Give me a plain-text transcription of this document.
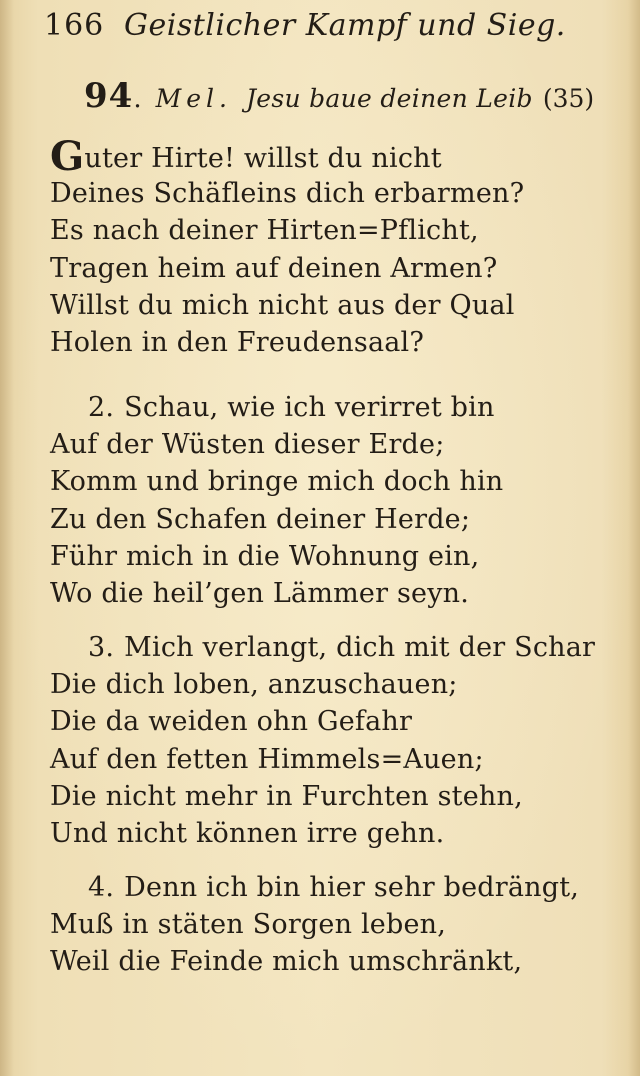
166 Geistlicher Kampf und Sieg.
94. Mel. Jesu baue deinen Leib (35)
Guter Hirte! willst du nicht
Deines Schäfleins dich erbarmen?
Es nach deiner Hirten=Pflicht,
Tragen heim auf deinen Armen?
Willst du mich nicht aus der Qual
Holen in den Freudensaal?
2. Schau, wie ich verirret bin
Auf der Wüsten dieser Erde;
Komm und bringe mich doch hin
Zu den Schafen deiner Herde;
Führ mich in die Wohnung ein,
Wo die heil’gen Lämmer seyn.
3. Mich verlangt, dich mit der Schar
Die dich loben, anzuschauen;
Die da weiden ohn Gefahr
Auf den fetten Himmels=Auen;
Die nicht mehr in Furchten stehn,
Und nicht können irre gehn.
4. Denn ich bin hier sehr bedrängt,
Muß in stäten Sorgen leben,
Weil die Feinde mich umschränkt,
